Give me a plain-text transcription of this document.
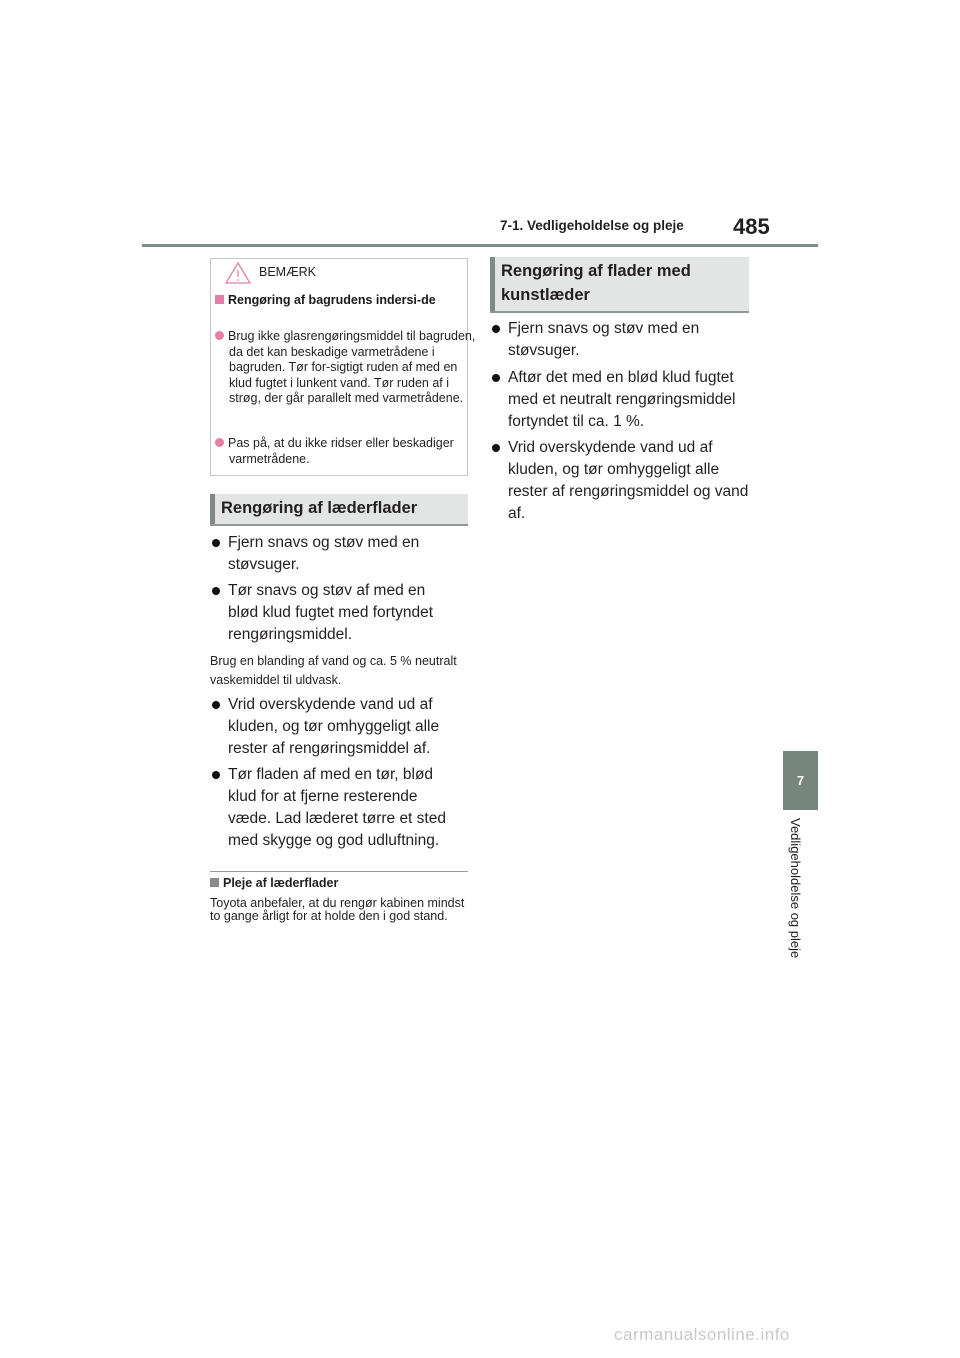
7-1. Vedligeholdelse og pleje 485
7
Vedligeholdelse og pleje
BEMÆRK
Rengøring af bagrudens indersi-de
Brug ikke glasrengøringsmiddel til bagruden, da det kan beskadige varmetrådene i bagruden. Tør for-sigtigt ruden af med en klud fugtet i lunkent vand. Tør ruden af i strøg, der går parallelt med varmetrådene.
Pas på, at du ikke ridser eller beskadiger varmetrådene.
Rengøring af læderflader
Fjern snavs og støv med en støvsuger.
Tør snavs og støv af med en blød klud fugtet med fortyndet rengøringsmiddel.
Brug en blanding af vand og ca. 5 % neutralt vaskemiddel til uldvask.
Vrid overskydende vand ud af kluden, og tør omhyggeligt alle rester af rengøringsmiddel af.
Tør fladen af med en tør, blød klud for at fjerne resterende væde. Lad læderet tørre et sted med skygge og god udluftning.
Pleje af læderflader
Toyota anbefaler, at du rengør kabinen mindst to gange årligt for at holde den i god stand.
Rengøring af flader med kunstlæder
Fjern snavs og støv med en støvsuger.
Aftør det med en blød klud fugtet med et neutralt rengøringsmiddel fortyndet til ca. 1 %.
Vrid overskydende vand ud af kluden, og tør omhyggeligt alle rester af rengøringsmiddel og vand af.
carmanualsonline.info
